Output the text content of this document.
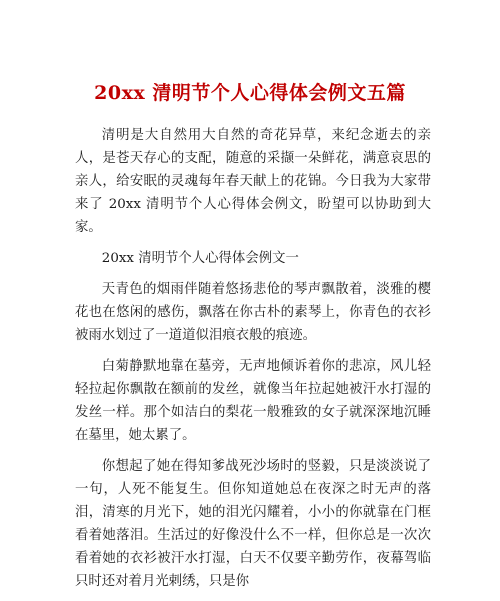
20xx 清明节个人心得体会例文五篇

清明是大自然用大自然的奇花异草，来纪念逝去的亲人，是苍天存心的支配，随意的采撷一朵鲜花，满意哀思的亲人，给安眠的灵魂每年春天献上的花锦。今日我为大家带来了 20xx 清明节个人心得体会例文，盼望可以协助到大家。

20xx 清明节个人心得体会例文一

天青色的烟雨伴随着悠扬悲伧的琴声飘散着，淡雅的樱花也在悠闲的感伤，飘落在你古朴的素琴上，你青色的衣衫被雨水划过了一道道似泪痕衣般的痕迹。

白菊静默地靠在墓旁，无声地倾诉着你的悲凉，风儿轻轻拉起你飘散在额前的发丝，就像当年拉起她被汗水打湿的发丝一样。那个如洁白的梨花一般雅致的女子就深深地沉睡在墓里，她太累了。

你想起了她在得知爹战死沙场时的竖毅，只是淡淡说了一句，人死不能复生。但你知道她总在夜深之时无声的落泪，清寒的月光下，她的泪光闪耀着，小小的你就靠在门框看着她落泪。生活过的好像没什么不一样，但你总是一次次看着她的衣衫被汗水打湿，白天不仅要辛勤劳作，夜幕驾临只时还对着月光剌绣，只是你
